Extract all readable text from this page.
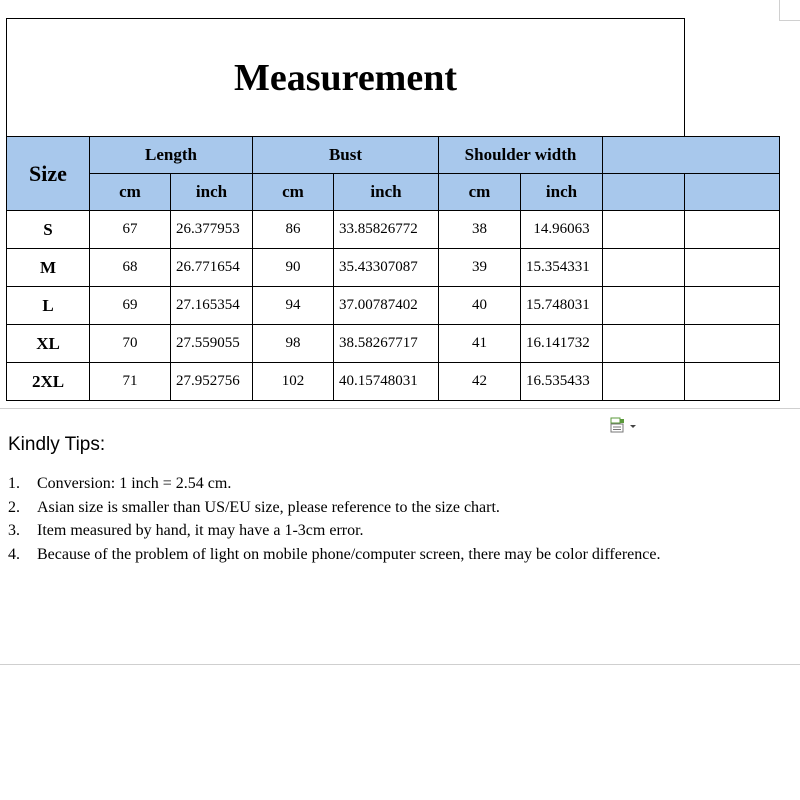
Measurement								
Size	Length		Bust		Shoulder width			
	cm	inch	cm	inch	cm	inch		
S	67	26.377953	86	33.85826772	38	14.96063		
M	68	26.771654	90	35.43307087	39	15.354331		
L	69	27.165354	94	37.00787402	40	15.748031		
XL	70	27.559055	98	38.58267717	41	16.141732		
2XL	71	27.952756	102	40.15748031	42	16.535433		
Kindly Tips:
1. Conversion: 1 inch = 2.54 cm.
2. Asian size is smaller than US/EU size, please reference to the size chart.
3. Item measured by hand, it may have a 1-3cm error.
4. Because of the problem of light on mobile phone/computer screen, there may be color difference.
